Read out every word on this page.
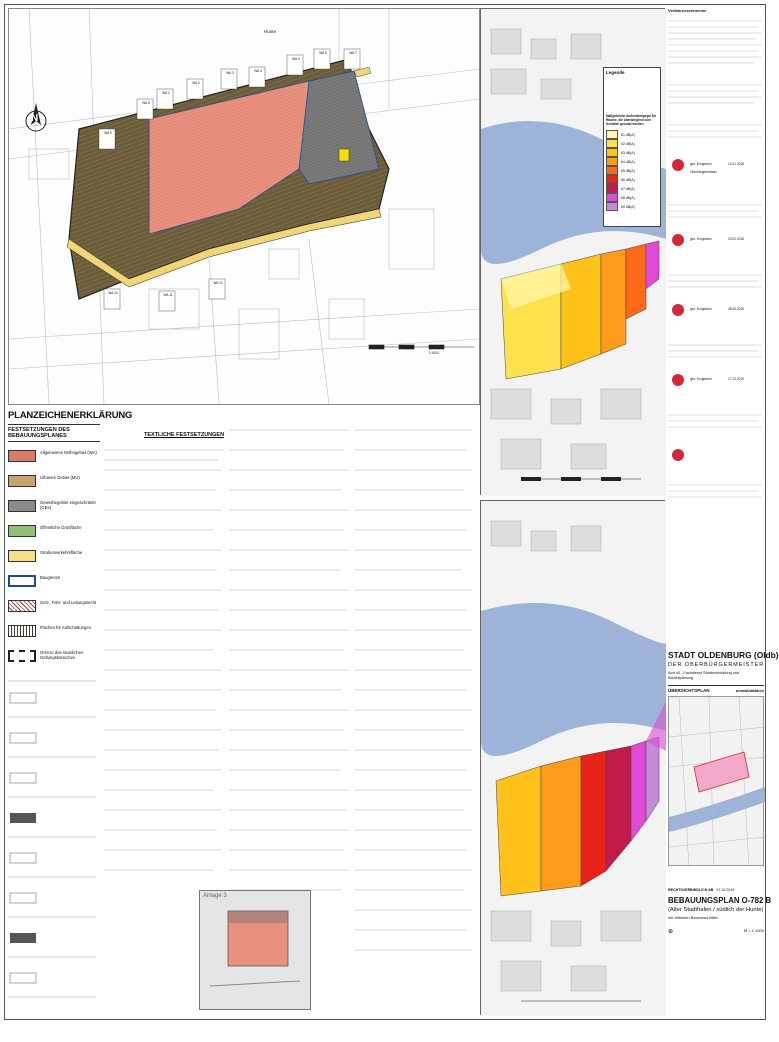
WA 1
WA 2
WA 3	WA 4
WA 5
WA 6	WA 7
WA 8
WA 9
WA 10	WA 11
WA 12
Hunte
N
1:1000
PLANZEICHENERKLÄRUNG
FESTSETZUNGEN DES BEBAUUNGSPLANES
Allgemeines Wohngebiet (WA)
Urbanes Gebiet (MU)
Gewerbegebiet eingeschränkt (GEe)
Öffentliche Grünfläche
Straßenverkehrsfläche
Baugrenze
Geh-, Fahr- und Leitungsrecht
Flächen für Aufschüttungen
Grenze des räumlichen Geltungsbereiches
TEXTLICHE FESTSETZUNGEN
Anlage 3
Legende
Maßgebliche Außenlärmpegel für Räume, die überwiegend zum Schlafen genutzt werden
61 dB(A)
62 dB(A)
63 dB(A)
64 dB(A)
65 dB(A)
66 dB(A)
67 dB(A)
68 dB(A)
69 dB(A)
Verfahrensvermerke
gez. Krogmann	12.01.2018
Oberbürgermeister
gez. Krogmann	23.02.2018
gez. Krogmann	28.05.2019
gez. Krogmann	17.10.2019
STADT OLDENBURG (Oldb)
DER OBERBÜRGERMEISTER
Amt 40 - Fachdienst Stadtentwicklung und Bauleitplanung
ÜBERSICHTSPLAN	unmaßstäblich
RECHTSVERBINDLICH AB 17.10.2019
BEBAUUNGSPLAN O-782 B
(Alter Stadthafen / südlich der Hunte)
mit örtlichen Bauvorschriften
⊕	M = 1:1000
